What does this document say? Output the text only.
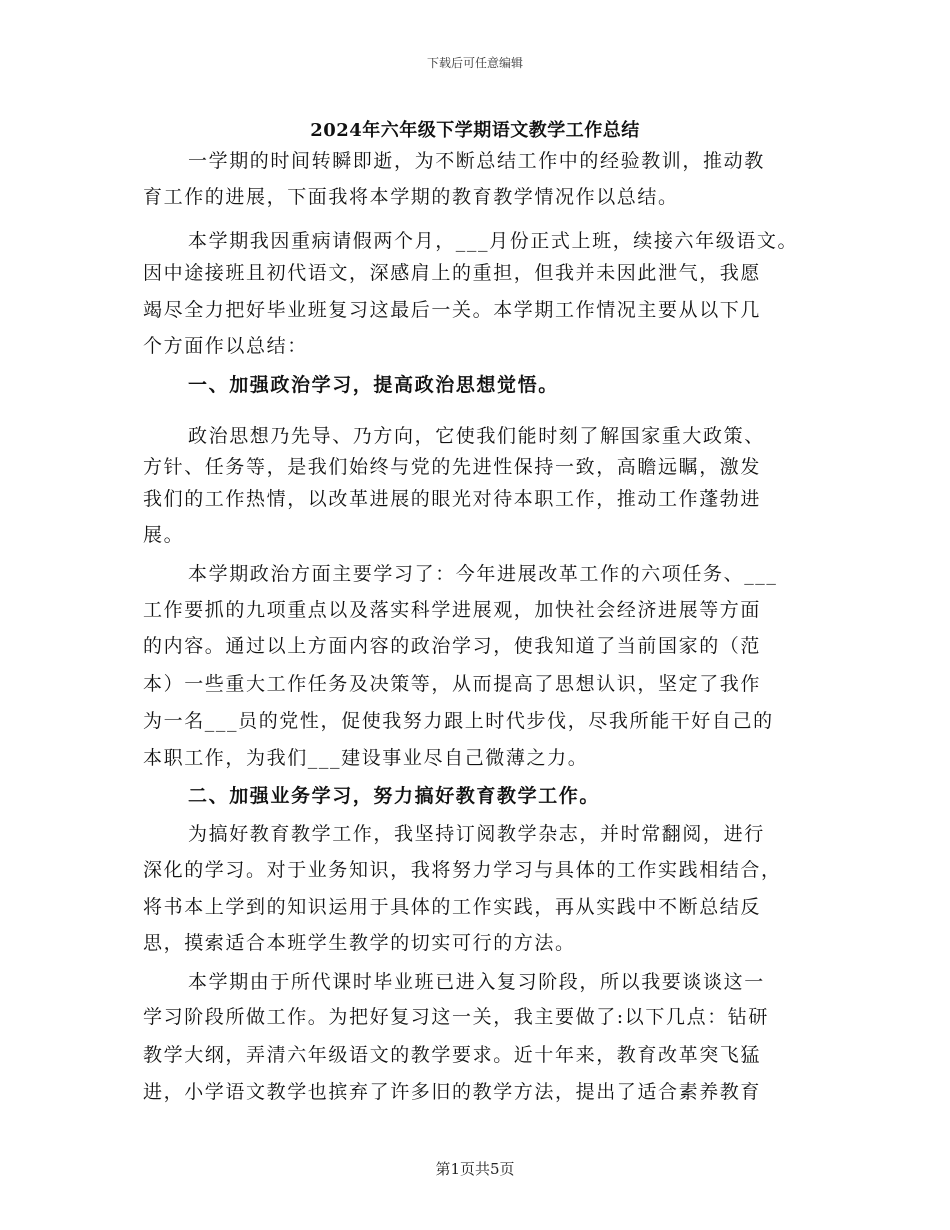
下载后可任意编辑
2024年六年级下学期语文教学工作总结
一学期的时间转瞬即逝，为不断总结工作中的经验教训，推动教
育工作的进展，下面我将本学期的教育教学情况作以总结。
本学期我因重病请假两个月，___月份正式上班，续接六年级语文。
因中途接班且初代语文，深感肩上的重担，但我并未因此泄气，我愿
竭尽全力把好毕业班复习这最后一关。本学期工作情况主要从以下几
个方面作以总结：
一、加强政治学习，提高政治思想觉悟。
政治思想乃先导、乃方向，它使我们能时刻了解国家重大政策、
方针、任务等，是我们始终与党的先进性保持一致，高瞻远瞩，激发
我们的工作热情，以改革进展的眼光对待本职工作，推动工作蓬勃进
展。
本学期政治方面主要学习了：今年进展改革工作的六项任务、___
工作要抓的九项重点以及落实科学进展观，加快社会经济进展等方面
的内容。通过以上方面内容的政治学习，使我知道了当前国家的（范
本）一些重大工作任务及决策等，从而提高了思想认识，坚定了我作
为一名___员的党性，促使我努力跟上时代步伐，尽我所能干好自己的
本职工作，为我们___建设事业尽自己微薄之力。
二、加强业务学习，努力搞好教育教学工作。
为搞好教育教学工作，我坚持订阅教学杂志，并时常翻阅，进行
深化的学习。对于业务知识，我将努力学习与具体的工作实践相结合，
将书本上学到的知识运用于具体的工作实践，再从实践中不断总结反
思，摸索适合本班学生教学的切实可行的方法。
本学期由于所代课时毕业班已进入复习阶段，所以我要谈谈这一
学习阶段所做工作。为把好复习这一关，我主要做了:以下几点：钻研
教学大纲，弄清六年级语文的教学要求。近十年来，教育改革突飞猛
进，小学语文教学也摈弃了许多旧的教学方法，提出了适合素养教育
第1页共5页
